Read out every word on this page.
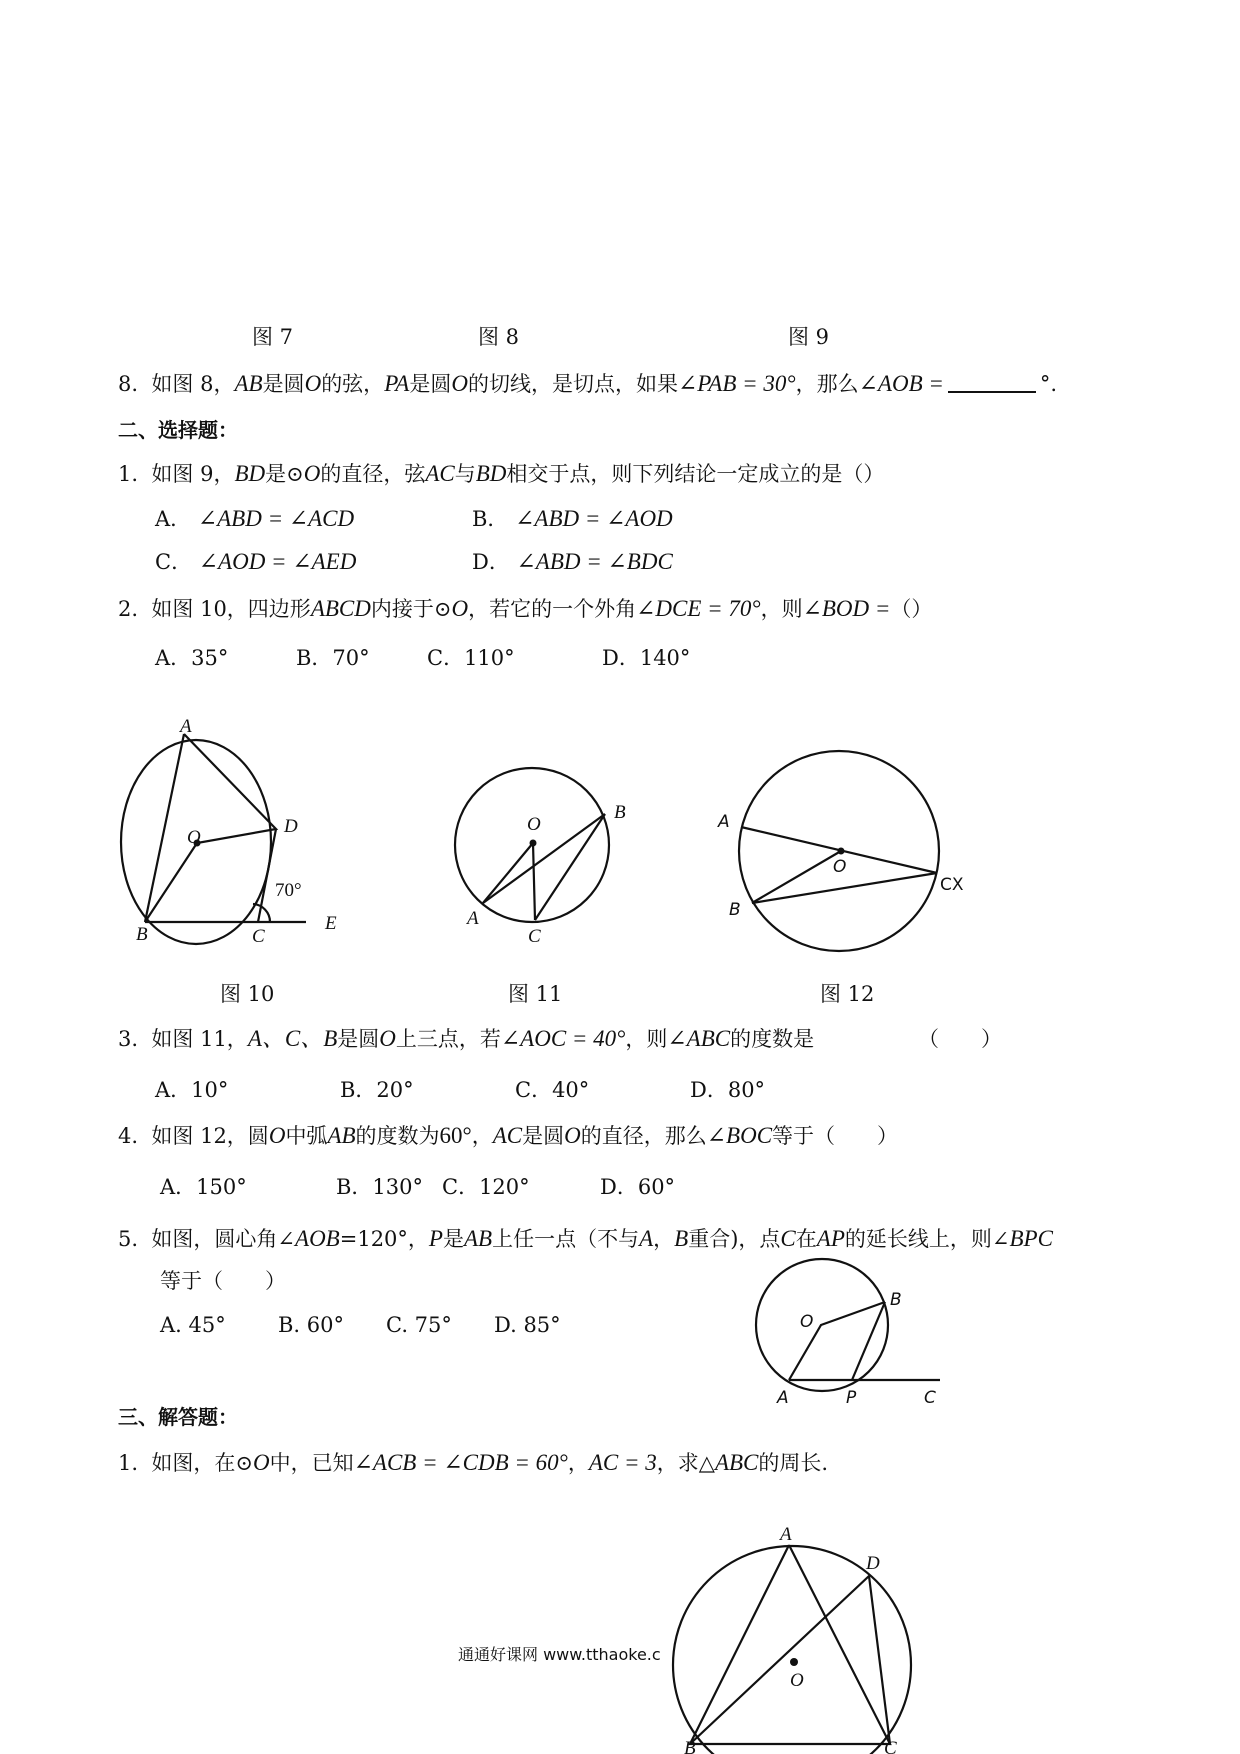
图 7	图 8	图 9
8. 如图 8，AB是圆O的弦，PA是圆O的切线，是切点，如果∠PAB = 30°，那么∠AOB =	°.
二、选择题：
1. 如图 9，BD是⊙O的直径，弦AC与BD相交于点，则下列结论一定成立的是（）
A． ∠ABD = ∠ACD	B． ∠ABD = ∠AOD
C． ∠AOD = ∠AED	D． ∠ABD = ∠BDC
2. 如图 10，四边形ABCD内接于⊙O，若它的一个外角∠DCE = 70°，则∠BOD =（）
A．35°	B．70°	C．110°	D．140°
A
D
O
B	C
E
70°
图 10
O
B
A
C
图 11
A
O
B
CX
图 12
3. 如图 11，A、C、B是圆O上三点，若∠AOC = 40°，则∠ABC的度数是	（　　）
A．10°	B．20°	C．40°	D．80°
4. 如图 12，圆O中弧AB的度数为60°，AC是圆O的直径，那么∠BOC等于（　　）
A．150°	B．130° C．120°	D．60°
5. 如图，圆心角∠AOB=120°，P是AB上任一点（不与A，B重合)，点C在AP的延长线上，则∠BPC
等于（　　）
A. 45° B. 60° C. 75° D. 85°	O
B
A	P	C
三、解答题：
1. 如图，在⊙O中，已知∠ACB = ∠CDB = 60°，AC = 3，求△ABC的周长.
A
D
O
B	C
通通好课网 www.tthaoke.c
